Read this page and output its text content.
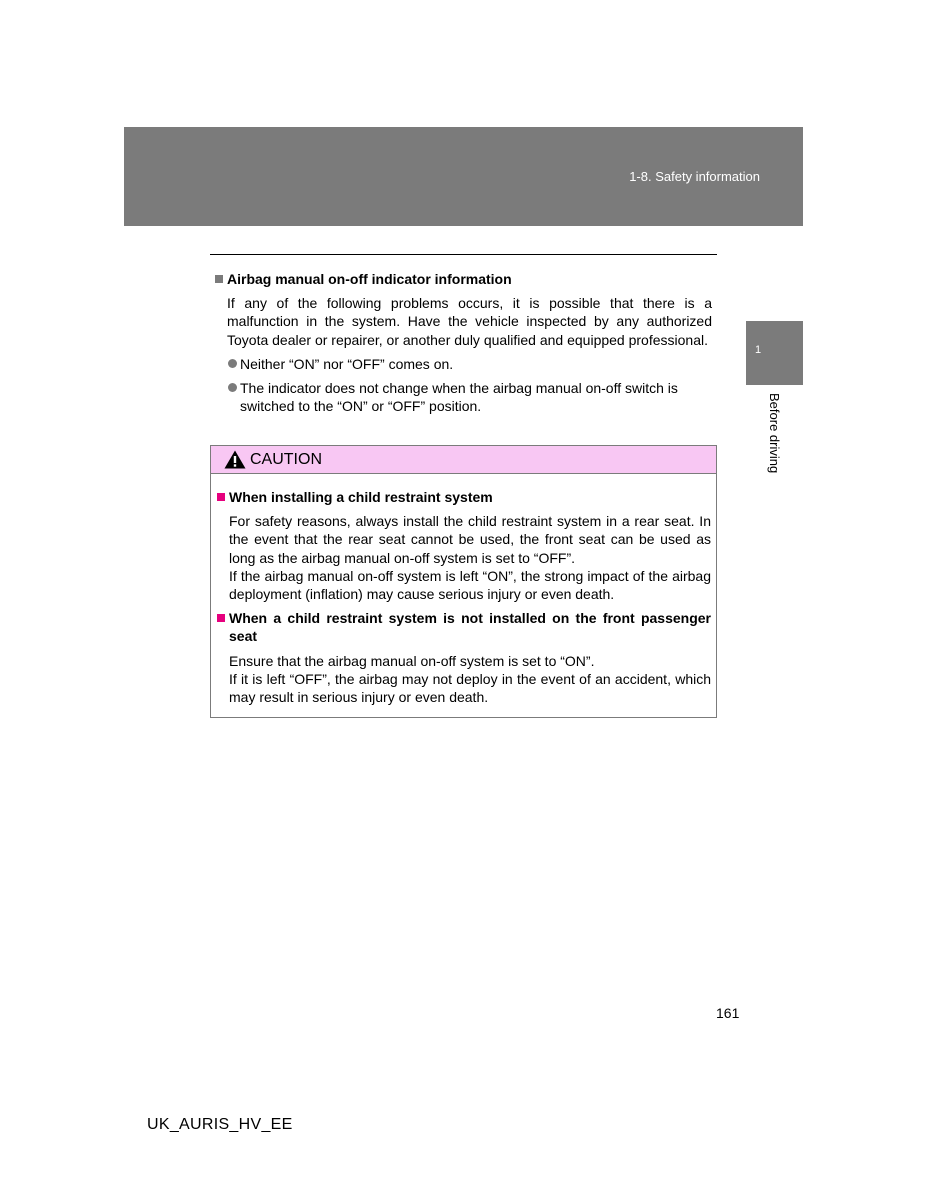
1-8. Safety information
1
Before driving
Airbag manual on-off indicator information
If any of the following problems occurs, it is possible that there is a malfunction in the system. Have the vehicle inspected by any authorized Toyota dealer or repairer, or another duly qualified and equipped professional.
Neither “ON” nor “OFF” comes on.
The indicator does not change when the airbag manual on-off switch is switched to the “ON” or “OFF” position.
CAUTION
When installing a child restraint system
For safety reasons, always install the child restraint system in a rear seat. In the event that the rear seat cannot be used, the front seat can be used as long as the airbag manual on-off system is set to “OFF”.
If the airbag manual on-off system is left “ON”, the strong impact of the airbag deployment (inflation) may cause serious injury or even death.
When a child restraint system is not installed on the front passenger seat
Ensure that the airbag manual on-off system is set to “ON”.
If it is left “OFF”, the airbag may not deploy in the event of an accident, which may result in serious injury or even death.
161
UK_AURIS_HV_EE
